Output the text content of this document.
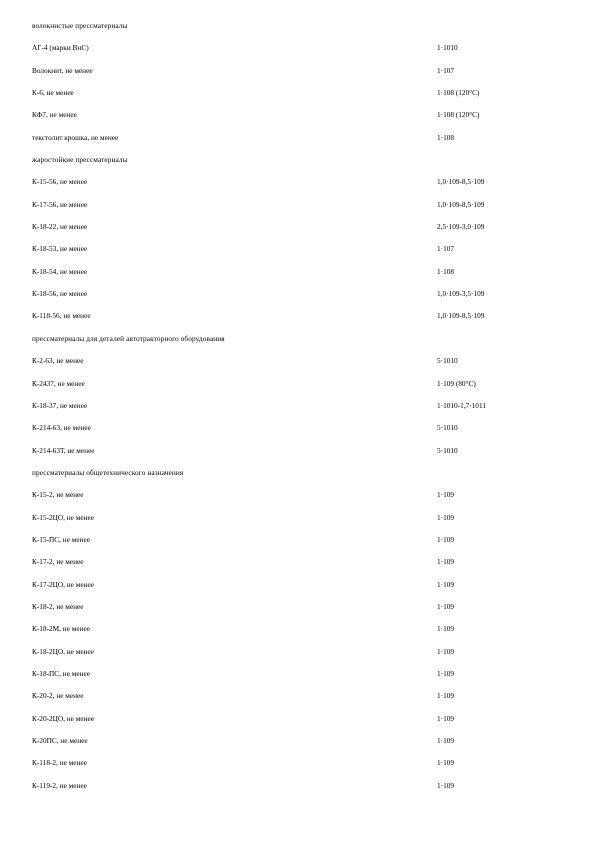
волокнистые прессматериалы
АГ-4 (марки ВнС)	1·1010
Волокнит, не менее	1·107
К-6, не менее	1·108 (120°С)
КФ7, не менее	1·108 (120°С)
текстолит крошка, не менее	1·108
жаростойкие прессматериалы
К-15-56, не менее	1,0·109-8,5·109
К-17-56, не менее	1,0·109-8,5·109
К-18-22, не менее	2,5·109-3,0·109
К-18-53, не менее	1·107
К-18-54, не менее	1·108
К-18-56, не менее	1,0·109-3,5·109
К-118-56, не менее	1,0·109-8,5·109
прессматериалы для деталей автотракторного оборудования
К-2-63, не менее	5·1010
К-2437, не менее	1·109 (80°С)
К-18-37, не менее	1·1010-1,7·1011
К-214-63, не менее	5·1010
К-214-63Т, не менее	5·1010
прессматериалы общетехнического назначения
К-15-2, не менее	1·109
К-15-2ЦО, не менее	1·109
К-15-ПС, не менее	1·109
К-17-2, не менее	1·109
К-17-2ЦО, не менее	1·109
К-18-2, не менее	1·109
К-18-2М, не менее	1·109
К-18-2ЦО, не менее	1·109
К-18-ПС, не менее	1·109
К-20-2, не менее	1·109
К-20-2ЦО, не менее	1·109
К-20ПС, не менее	1·109
К-118-2, не менее	1·109
К-119-2, не менее	1·109
